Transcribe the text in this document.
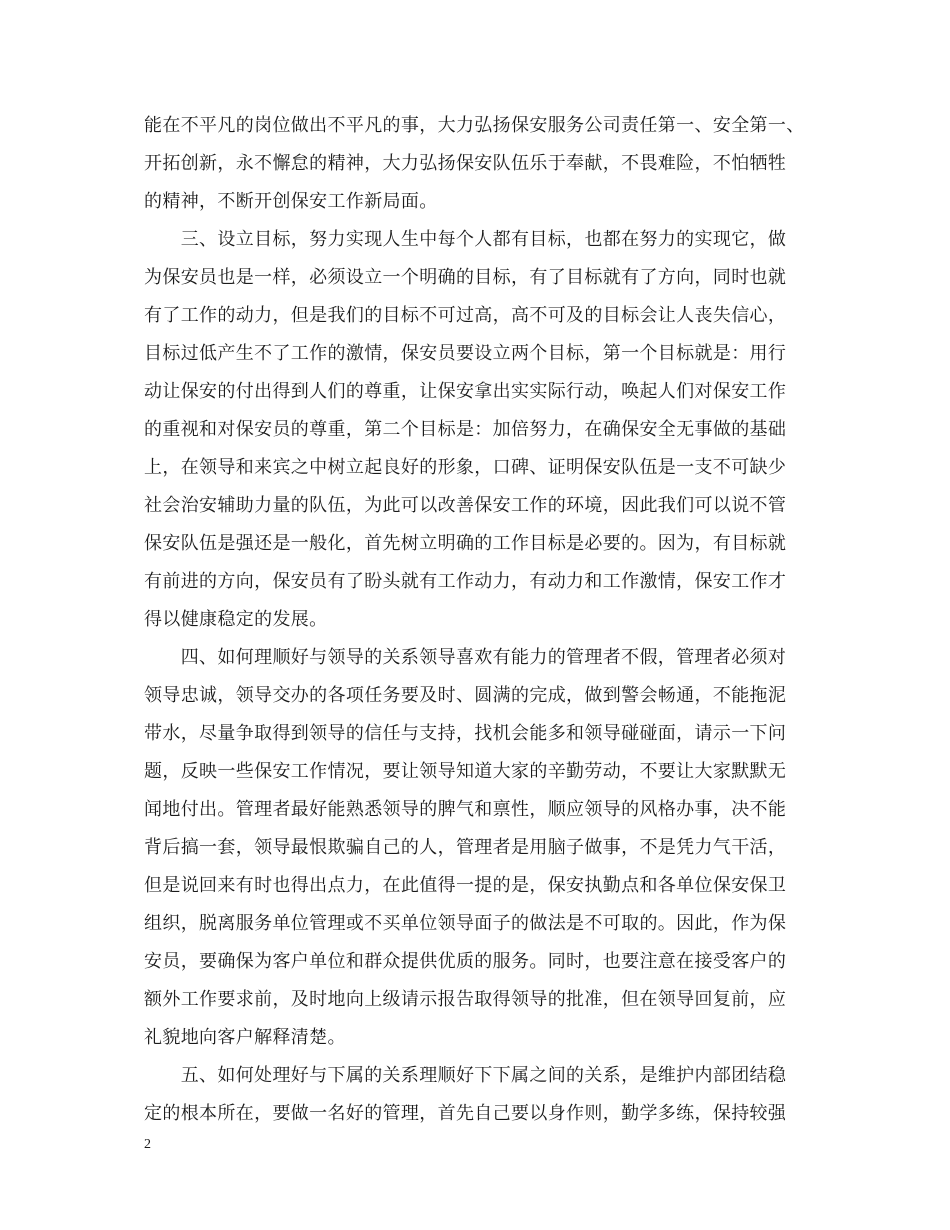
能在不平凡的岗位做出不平凡的事，大力弘扬保安服务公司责任第一、安全第一、
开拓创新，永不懈怠的精神，大力弘扬保安队伍乐于奉献，不畏难险，不怕牺牲
的精神，不断开创保安工作新局面。
　　三、设立目标，努力实现人生中每个人都有目标，也都在努力的实现它，做
为保安员也是一样，必须设立一个明确的目标，有了目标就有了方向，同时也就
有了工作的动力，但是我们的目标不可过高，高不可及的目标会让人丧失信心，
目标过低产生不了工作的激情，保安员要设立两个目标，第一个目标就是：用行
动让保安的付出得到人们的尊重，让保安拿出实实际行动，唤起人们对保安工作
的重视和对保安员的尊重，第二个目标是：加倍努力，在确保安全无事做的基础
上，在领导和来宾之中树立起良好的形象，口碑、证明保安队伍是一支不可缺少
社会治安辅助力量的队伍，为此可以改善保安工作的环境，因此我们可以说不管
保安队伍是强还是一般化，首先树立明确的工作目标是必要的。因为，有目标就
有前进的方向，保安员有了盼头就有工作动力，有动力和工作激情，保安工作才
得以健康稳定的发展。
　　四、如何理顺好与领导的关系领导喜欢有能力的管理者不假，管理者必须对
领导忠诚，领导交办的各项任务要及时、圆满的完成，做到警会畅通，不能拖泥
带水，尽量争取得到领导的信任与支持，找机会能多和领导碰碰面，请示一下问
题，反映一些保安工作情况，要让领导知道大家的辛勤劳动，不要让大家默默无
闻地付出。管理者最好能熟悉领导的脾气和禀性，顺应领导的风格办事，决不能
背后搞一套，领导最恨欺骗自己的人，管理者是用脑子做事，不是凭力气干活，
但是说回来有时也得出点力，在此值得一提的是，保安执勤点和各单位保安保卫
组织，脱离服务单位管理或不买单位领导面子的做法是不可取的。因此，作为保
安员，要确保为客户单位和群众提供优质的服务。同时，也要注意在接受客户的
额外工作要求前，及时地向上级请示报告取得领导的批准，但在领导回复前，应
礼貌地向客户解释清楚。
　　五、如何处理好与下属的关系理顺好下下属之间的关系，是维护内部团结稳
定的根本所在，要做一名好的管理，首先自己要以身作则，勤学多练，保持较强
2
